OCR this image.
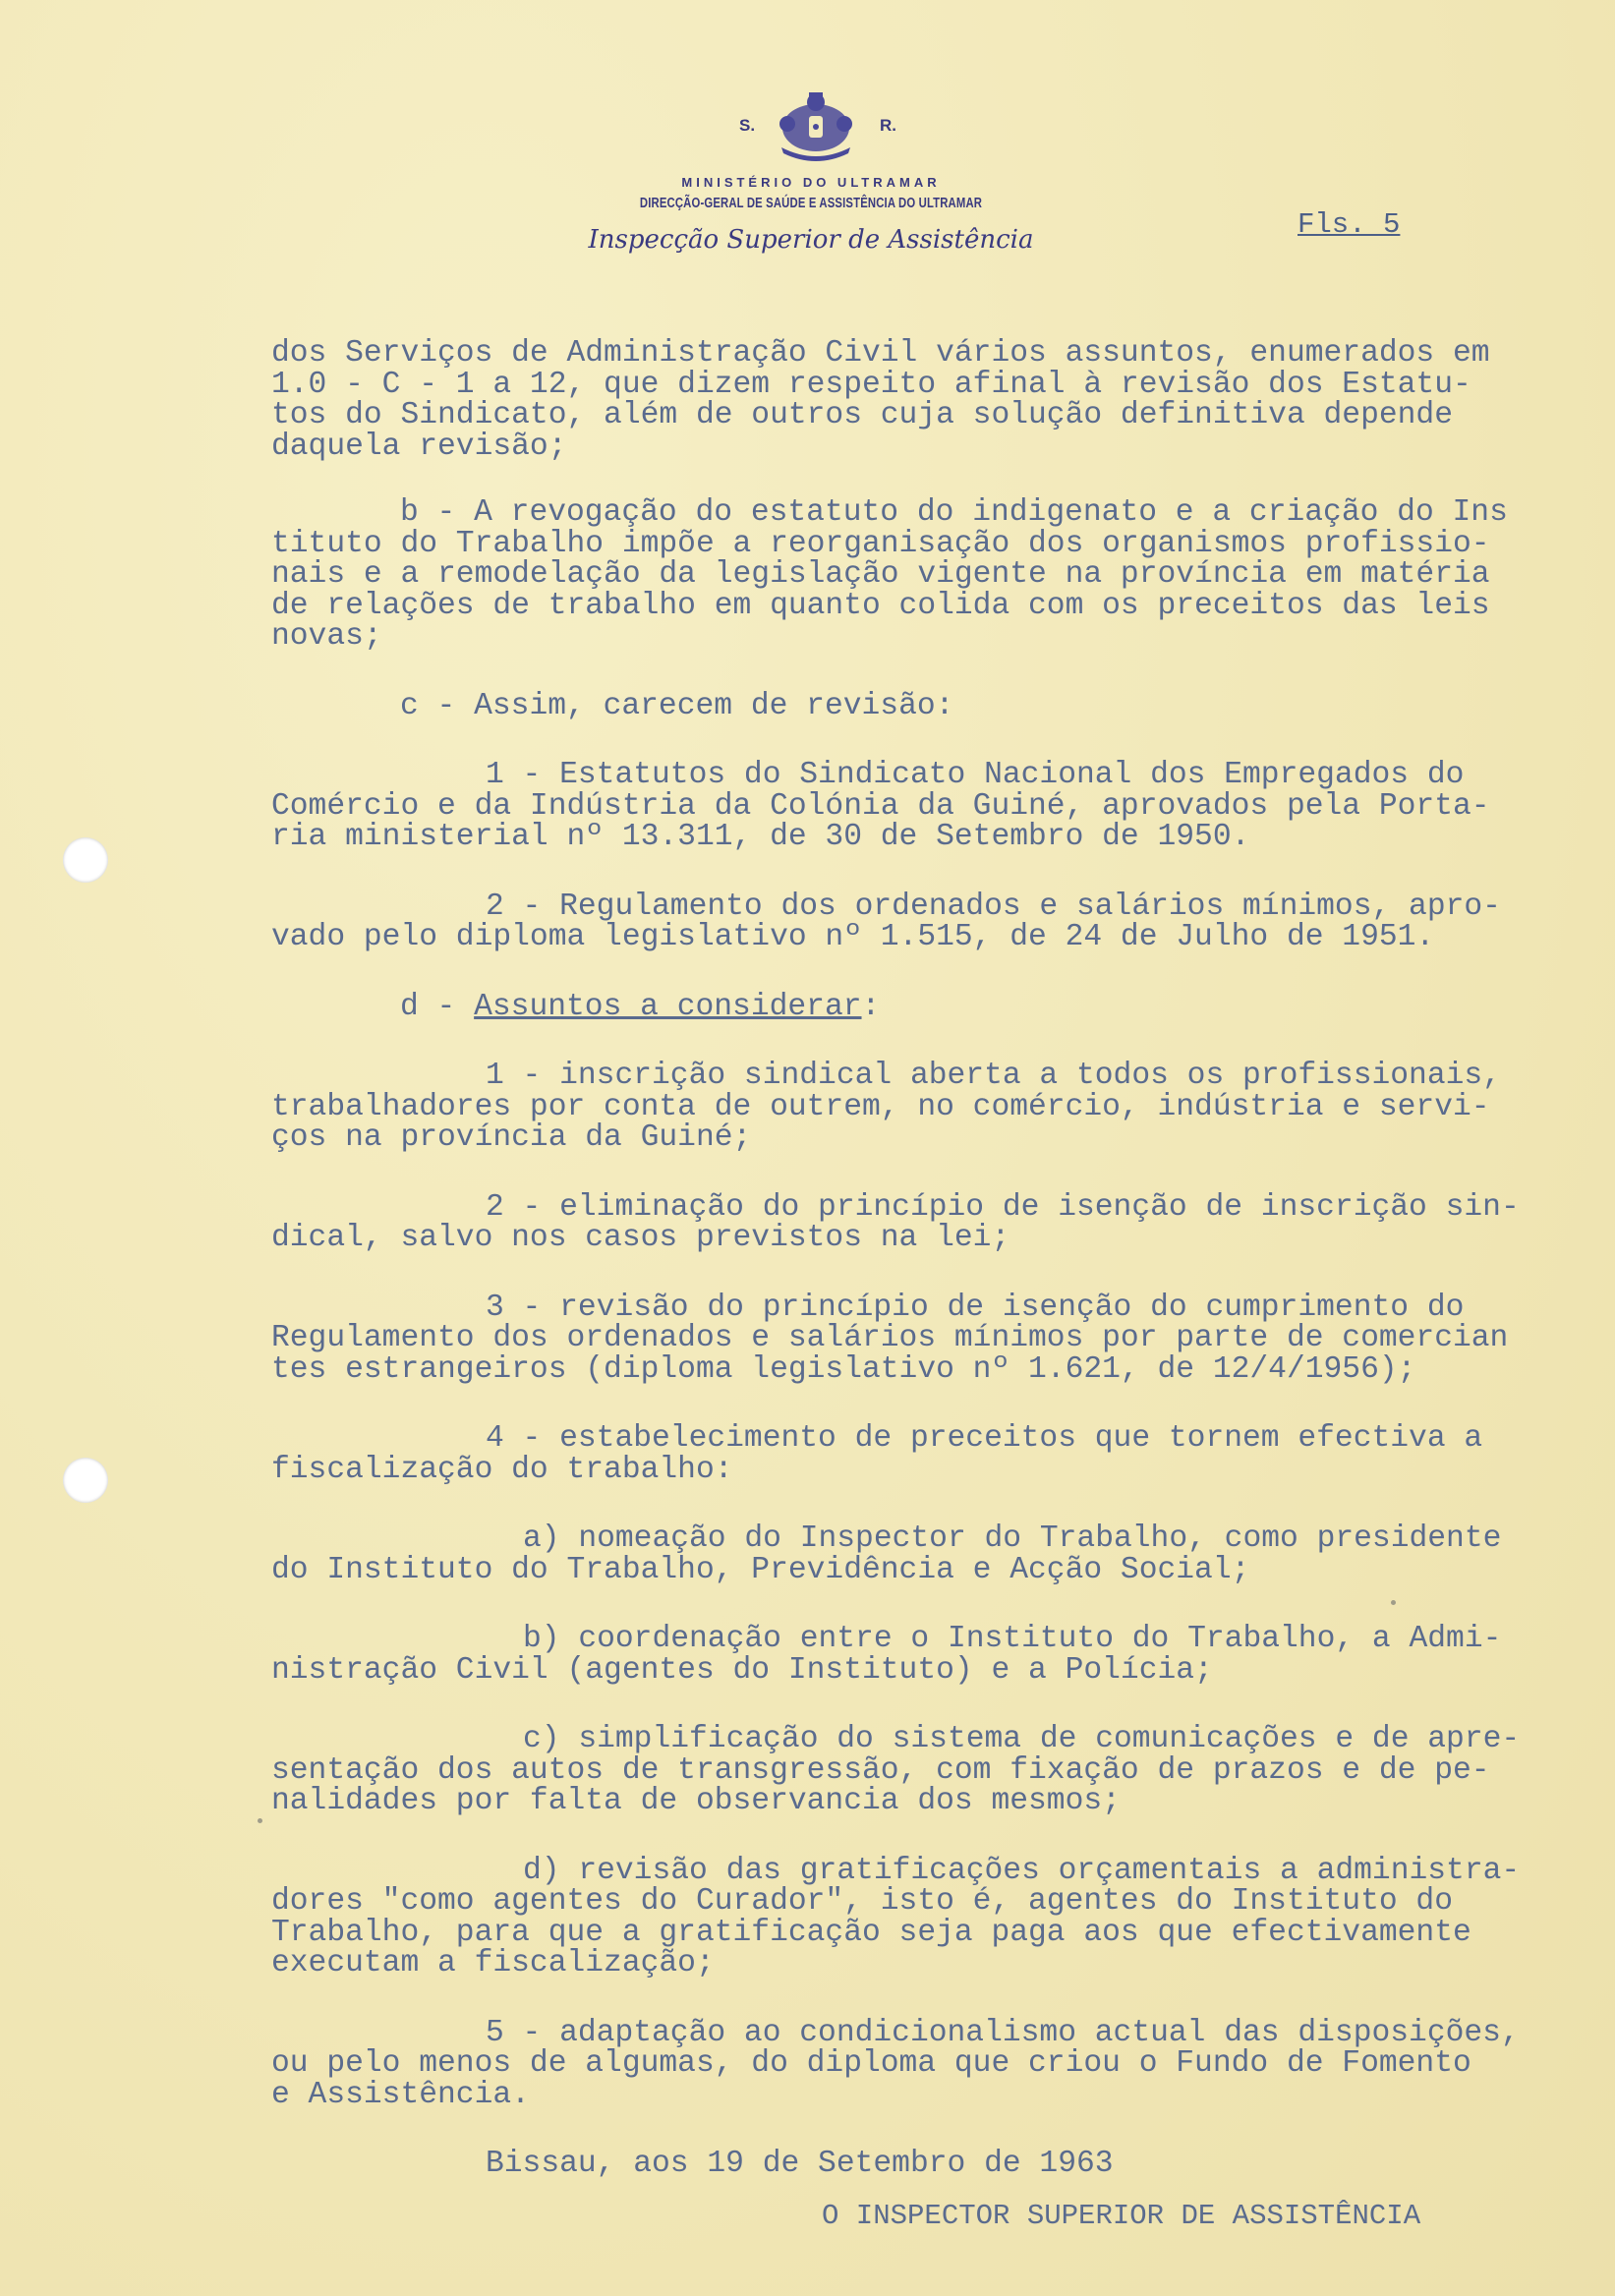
S.	R.
MINISTÉRIO DO ULTRAMAR
DIRECÇÃO-GERAL DE SAÚDE E ASSISTÊNCIA DO ULTRAMAR
Inspecção Superior de Assistência	Fls. 5

dos Serviços de Administração Civil vários assuntos, enumerados em
1.0 - C - 1 a 12, que dizem respeito afinal à revisão dos Estatu-
tos do Sindicato, além de outros cuja solução definitiva depende
daquela revisão;

b - A revogação do estatuto do indigenato e a criação do Ins
tituto do Trabalho impõe a reorganisação dos organismos profissio-
nais e a remodelação da legislação vigente na província em matéria
de relações de trabalho em quanto colida com os preceitos das leis
novas;

c - Assim, carecem de revisão:

1 - Estatutos do Sindicato Nacional dos Empregados do
Comércio e da Indústria da Colónia da Guiné, aprovados pela Porta-
ria ministerial nº 13.311, de 30 de Setembro de 1950.

2 - Regulamento dos ordenados e salários mínimos, apro-
vado pelo diploma legislativo nº 1.515, de 24 de Julho de 1951.

d - Assuntos a considerar:

1 - inscrição sindical aberta a todos os profissionais,
trabalhadores por conta de outrem, no comércio, indústria e servi-
ços na província da Guiné;

2 - eliminação do princípio de isenção de inscrição sin-
dical, salvo nos casos previstos na lei;

3 - revisão do princípio de isenção do cumprimento do
Regulamento dos ordenados e salários mínimos por parte de comercian
tes estrangeiros (diploma legislativo nº 1.621, de 12/4/1956);

4 - estabelecimento de preceitos que tornem efectiva a
fiscalização do trabalho:

a) nomeação do Inspector do Trabalho, como presidente
do Instituto do Trabalho, Previdência e Acção Social;

b) coordenação entre o Instituto do Trabalho, a Admi-
nistração Civil (agentes do Instituto) e a Polícia;

c) simplificação do sistema de comunicações e de apre-
sentação dos autos de transgressão, com fixação de prazos e de pe-
nalidades por falta de observancia dos mesmos;

d) revisão das gratificações orçamentais a administra-
dores "como agentes do Curador", isto é, agentes do Instituto do
Trabalho, para que a gratificação seja paga aos que efectivamente
executam a fiscalização;

5 - adaptação ao condicionalismo actual das disposições,
ou pelo menos de algumas, do diploma que criou o Fundo de Fomento
e Assistência.

Bissau, aos 19 de Setembro de 1963

O INSPECTOR SUPERIOR DE ASSISTÊNCIA
